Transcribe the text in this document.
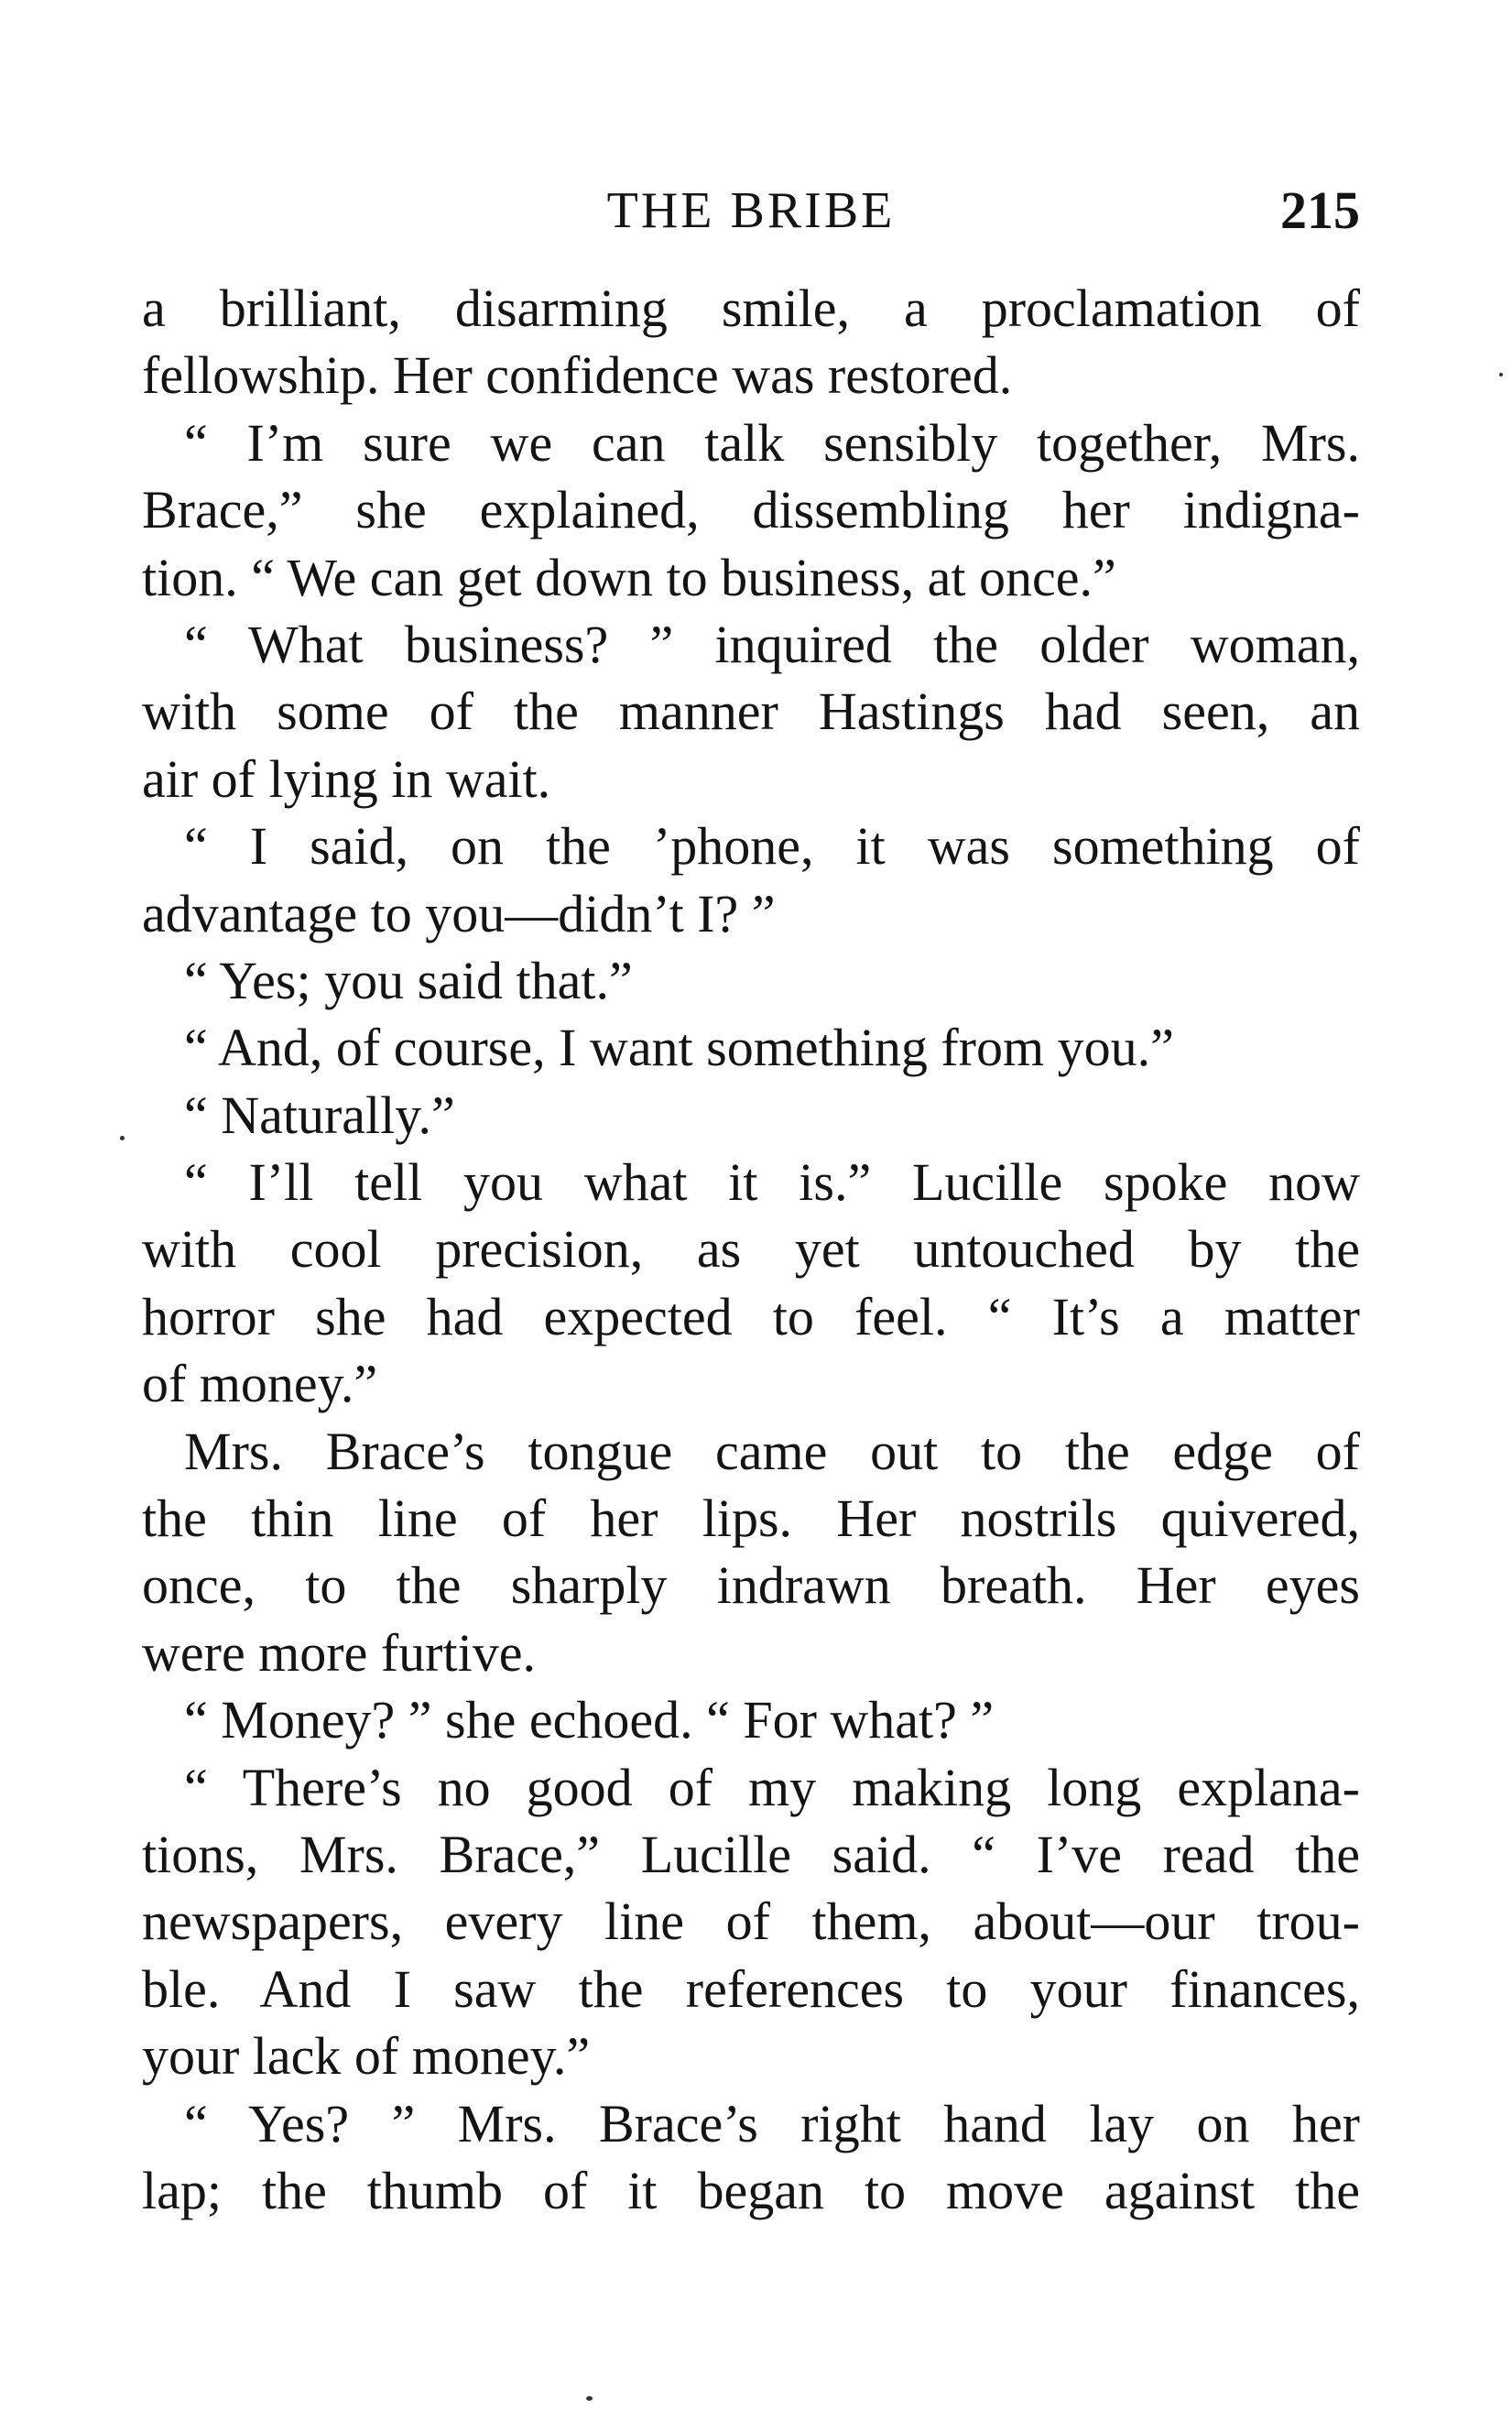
THE BRIBE	215
a brilliant, disarming smile, a proclamation of
fellowship. Her confidence was restored.
“ I’m sure we can talk sensibly together, Mrs.
Brace,” she explained, dissembling her indigna-
tion. “ We can get down to business, at once.”
“ What business? ” inquired the older woman,
with some of the manner Hastings had seen, an
air of lying in wait.
“ I said, on the ’phone, it was something of
advantage to you—didn’t I? ”
“ Yes; you said that.”
“ And, of course, I want something from you.”
“ Naturally.”
“ I’ll tell you what it is.” Lucille spoke now
with cool precision, as yet untouched by the
horror she had expected to feel. “ It’s a matter
of money.”
Mrs. Brace’s tongue came out to the edge of
the thin line of her lips. Her nostrils quivered,
once, to the sharply indrawn breath. Her eyes
were more furtive.
“ Money? ” she echoed. “ For what? ”
“ There’s no good of my making long explana-
tions, Mrs. Brace,” Lucille said. “ I’ve read the
newspapers, every line of them, about—our trou-
ble. And I saw the references to your finances,
your lack of money.”
“ Yes? ” Mrs. Brace’s right hand lay on her
lap; the thumb of it began to move against the
